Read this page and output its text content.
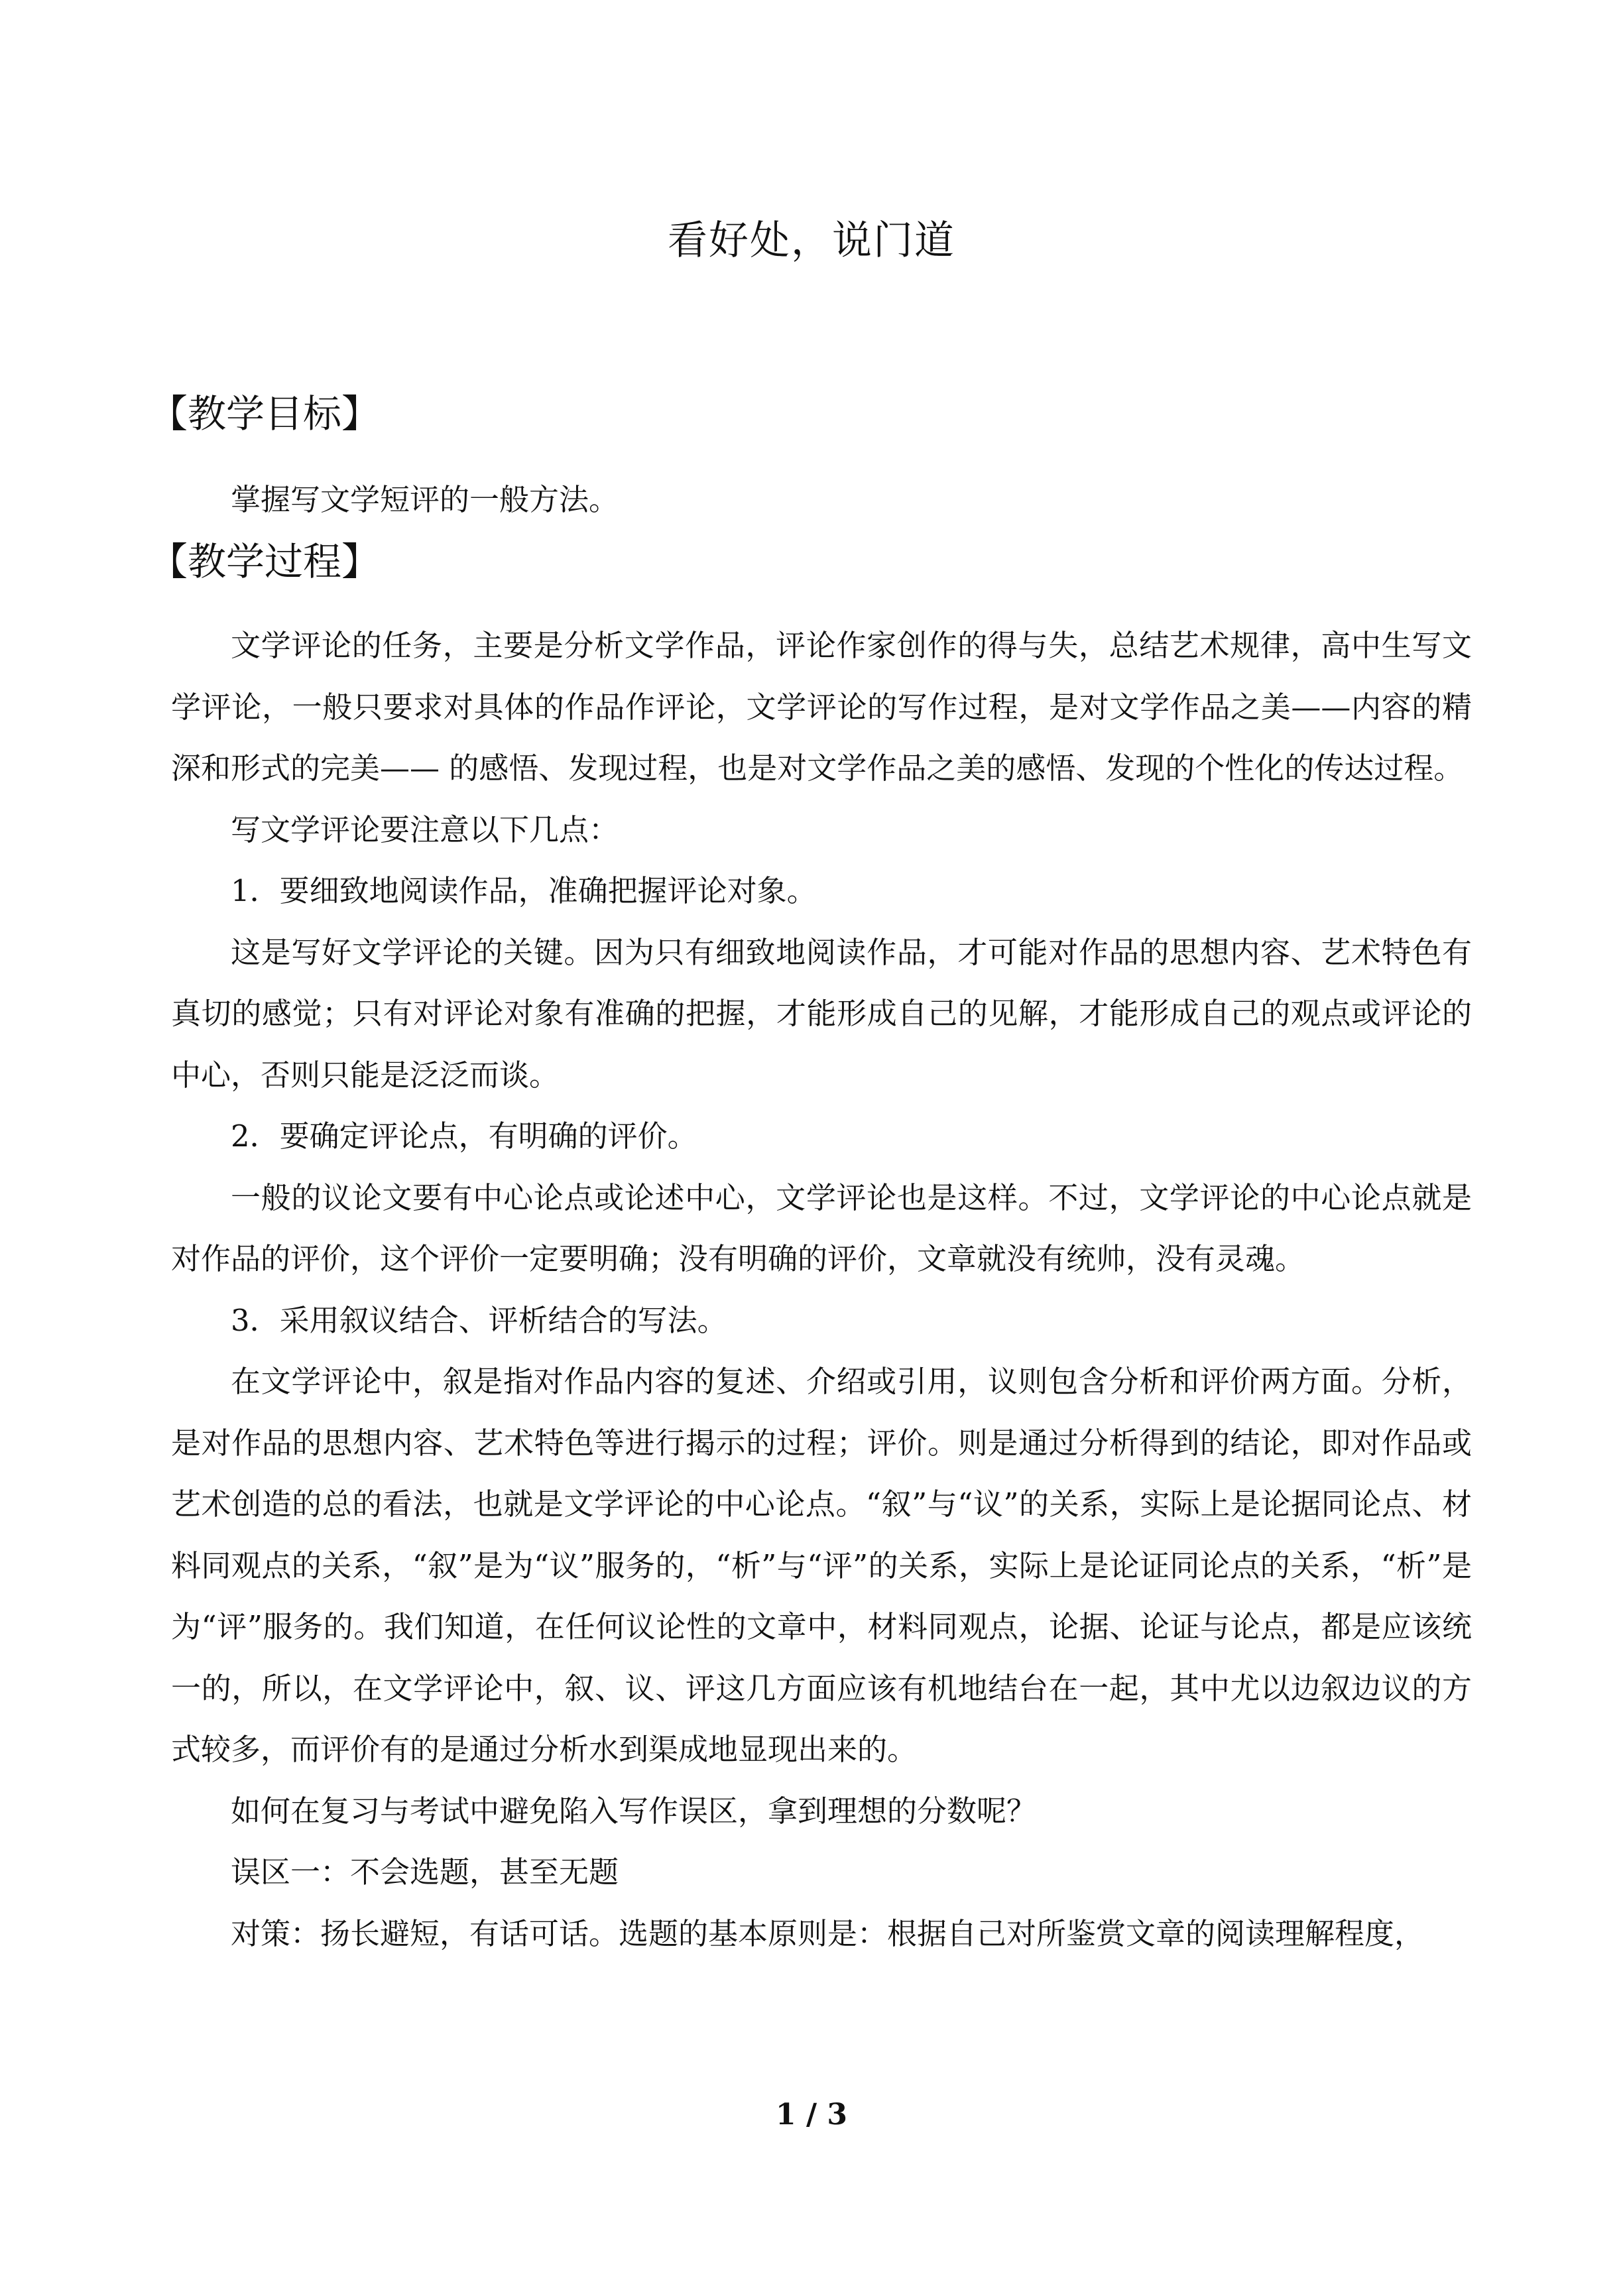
看好处，说门道
【教学目标】

掌握写文学短评的一般方法。

【教学过程】

文学评论的任务，主要是分析文学作品，评论作家创作的得与失，总结艺术规律，高中生写文学评论，一般只要求对具体的作品作评论，文学评论的写作过程，是对文学作品之美——内容的精深和形式的完美—— 的感悟、发现过程，也是对文学作品之美的感悟、发现的个性化的传达过程。

写文学评论要注意以下几点：

1．要细致地阅读作品，准确把握评论对象。

这是写好文学评论的关键。因为只有细致地阅读作品，才可能对作品的思想内容、艺术特色有真切的感觉；只有对评论对象有准确的把握，才能形成自己的见解，才能形成自己的观点或评论的中心，否则只能是泛泛而谈。

2．要确定评论点，有明确的评价。

一般的议论文要有中心论点或论述中心，文学评论也是这样。不过，文学评论的中心论点就是对作品的评价，这个评价一定要明确；没有明确的评价，文章就没有统帅，没有灵魂。

3．采用叙议结合、评析结合的写法。

在文学评论中，叙是指对作品内容的复述、介绍或引用，议则包含分析和评价两方面。分析，是对作品的思想内容、艺术特色等进行揭示的过程；评价。则是通过分析得到的结论，即对作品或艺术创造的总的看法，也就是文学评论的中心论点。“叙”与“议”的关系，实际上是论据同论点、材料同观点的关系，“叙”是为“议”服务的，“析”与“评”的关系，实际上是论证同论点的关系，“析”是为“评”服务的。我们知道，在任何议论性的文章中，材料同观点，论据、论证与论点，都是应该统一的，所以，在文学评论中，叙、议、评这几方面应该有机地结台在一起，其中尤以边叙边议的方式较多，而评价有的是通过分析水到渠成地显现出来的。

如何在复习与考试中避免陷入写作误区，拿到理想的分数呢？

误区一：不会选题，甚至无题

对策：扬长避短，有话可话。选题的基本原则是：根据自己对所鉴赏文章的阅读理解程度，

1 / 3
